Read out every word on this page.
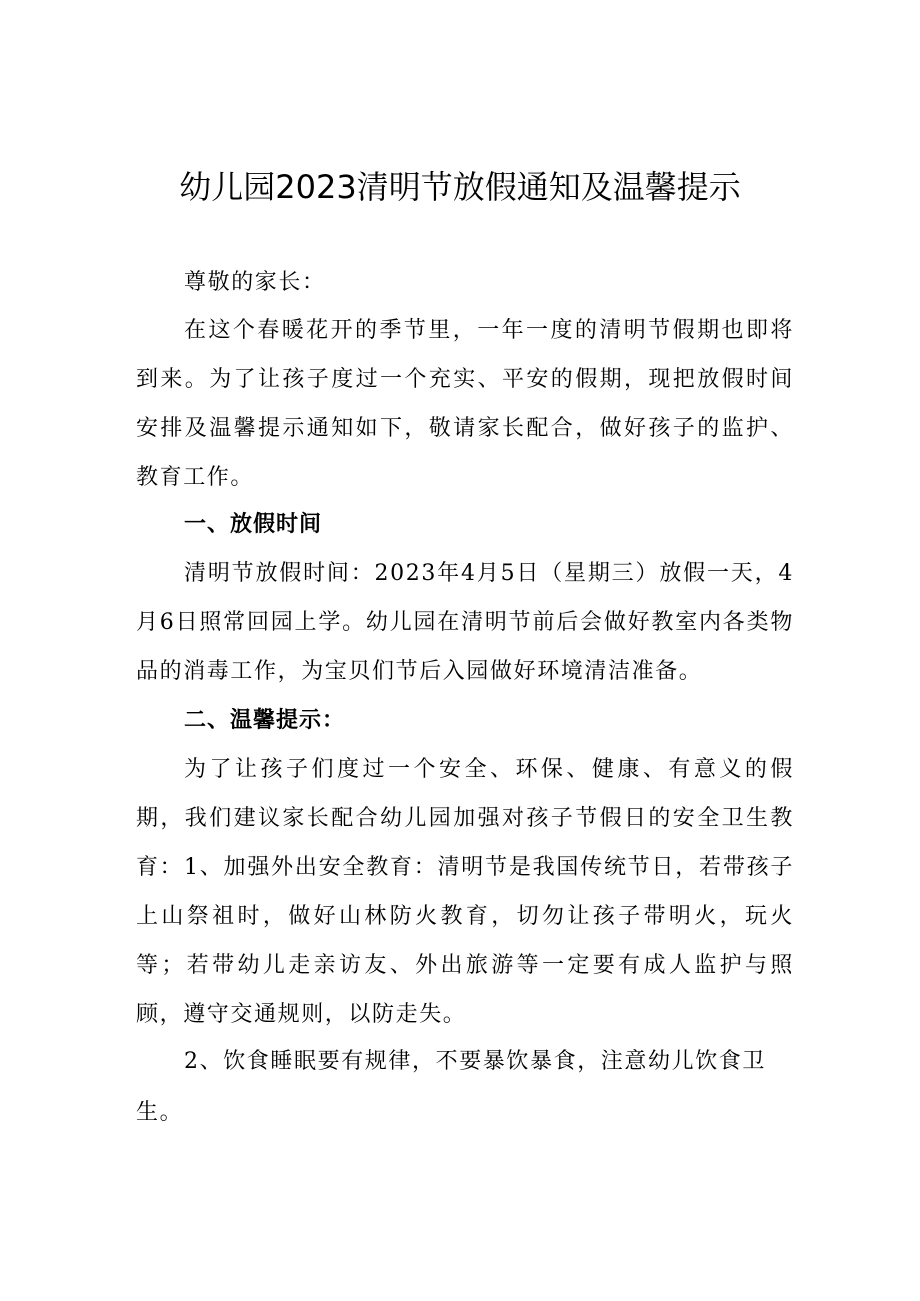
幼儿园2023清明节放假通知及温馨提示

尊敬的家长：

在这个春暖花开的季节里，一年一度的清明节假期也即将到来。为了让孩子度过一个充实、平安的假期，现把放假时间安排及温馨提示通知如下，敬请家长配合，做好孩子的监护、教育工作。

一、放假时间

清明节放假时间：2023年4月5日（星期三）放假一天，4月6日照常回园上学。幼儿园在清明节前后会做好教室内各类物品的消毒工作，为宝贝们节后入园做好环境清洁准备。

二、温馨提示：

为了让孩子们度过一个安全、环保、健康、有意义的假期，我们建议家长配合幼儿园加强对孩子节假日的安全卫生教育： 1、加强外出安全教育：清明节是我国传统节日，若带孩子上山祭祖时，做好山林防火教育，切勿让孩子带明火，玩火等；若带幼儿走亲访友、外出旅游等一定要有成人监护与照顾，遵守交通规则，以防走失。

2、饮食睡眠要有规律，不要暴饮暴食，注意幼儿饮食卫

生。
